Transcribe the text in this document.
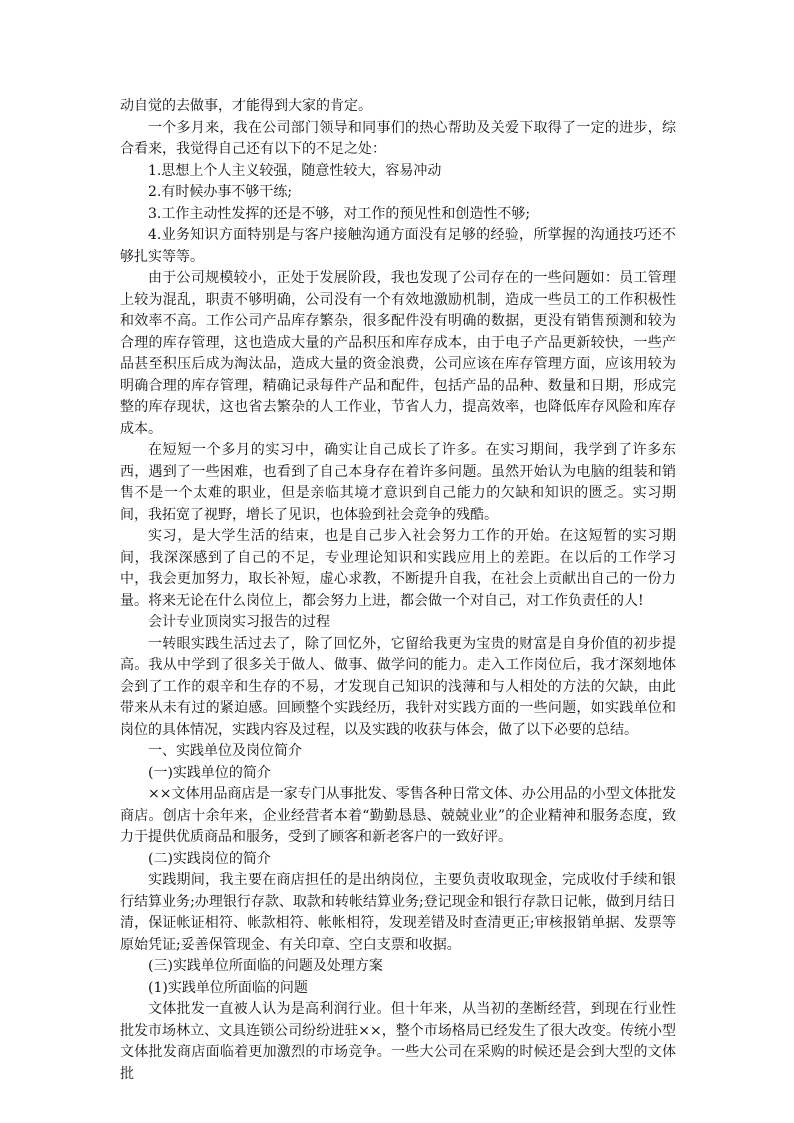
动自觉的去做事，才能得到大家的肯定。

一个多月来，我在公司部门领导和同事们的热心帮助及关爱下取得了一定的进步，综合看来，我觉得自己还有以下的不足之处：

1.思想上个人主义较强，随意性较大，容易冲动

2.有时候办事不够干练;

3.工作主动性发挥的还是不够，对工作的预见性和创造性不够;

4.业务知识方面特别是与客户接触沟通方面没有足够的经验，所掌握的沟通技巧还不够扎实等等。

由于公司规模较小，正处于发展阶段，我也发现了公司存在的一些问题如：员工管理上较为混乱，职责不够明确，公司没有一个有效地激励机制，造成一些员工的工作积极性和效率不高。工作公司产品库存繁杂，很多配件没有明确的数据，更没有销售预测和较为合理的库存管理，这也造成大量的产品积压和库存成本，由于电子产品更新较快，一些产品甚至积压后成为淘汰品，造成大量的资金浪费，公司应该在库存管理方面，应该用较为明确合理的库存管理，精确记录每件产品和配件，包括产品的品种、数量和日期，形成完整的库存现状，这也省去繁杂的人工作业，节省人力，提高效率，也降低库存风险和库存成本。

在短短一个多月的实习中，确实让自己成长了许多。在实习期间，我学到了许多东西，遇到了一些困难，也看到了自己本身存在着许多问题。虽然开始认为电脑的组装和销售不是一个太难的职业，但是亲临其境才意识到自己能力的欠缺和知识的匮乏。实习期间，我拓宽了视野，增长了见识，也体验到社会竞争的残酷。

实习，是大学生活的结束，也是自己步入社会努力工作的开始。在这短暂的实习期间，我深深感到了自己的不足，专业理论知识和实践应用上的差距。在以后的工作学习中，我会更加努力，取长补短，虚心求教，不断提升自我，在社会上贡献出自己的一份力量。将来无论在什么岗位上，都会努力上进，都会做一个对自己，对工作负责任的人!

会计专业顶岗实习报告的过程

一转眼实践生活过去了，除了回忆外，它留给我更为宝贵的财富是自身价值的初步提高。我从中学到了很多关于做人、做事、做学问的能力。走入工作岗位后，我才深刻地体会到了工作的艰辛和生存的不易，才发现自己知识的浅薄和与人相处的方法的欠缺，由此带来从未有过的紧迫感。回顾整个实践经历，我针对实践方面的一些问题，如实践单位和岗位的具体情况，实践内容及过程，以及实践的收获与体会，做了以下必要的总结。

一、实践单位及岗位简介

(一)实践单位的简介

××文体用品商店是一家专门从事批发、零售各种日常文体、办公用品的小型文体批发商店。创店十余年来，企业经营者本着“勤勤恳恳、兢兢业业”的企业精神和服务态度，致力于提供优质商品和服务，受到了顾客和新老客户的一致好评。

(二)实践岗位的简介

实践期间，我主要在商店担任的是出纳岗位，主要负责收取现金，完成收付手续和银行结算业务;办理银行存款、取款和转帐结算业务;登记现金和银行存款日记帐，做到月结日清，保证帐证相符、帐款相符、帐帐相符，发现差错及时查清更正;审核报销单据、发票等原始凭证;妥善保管现金、有关印章、空白支票和收据。

(三)实践单位所面临的问题及处理方案

(1)实践单位所面临的问题

文体批发一直被人认为是高利润行业。但十年来，从当初的垄断经营，到现在行业性批发市场林立、文具连锁公司纷纷进驻××，整个市场格局已经发生了很大改变。传统小型文体批发商店面临着更加激烈的市场竞争。一些大公司在采购的时候还是会到大型的文体批
